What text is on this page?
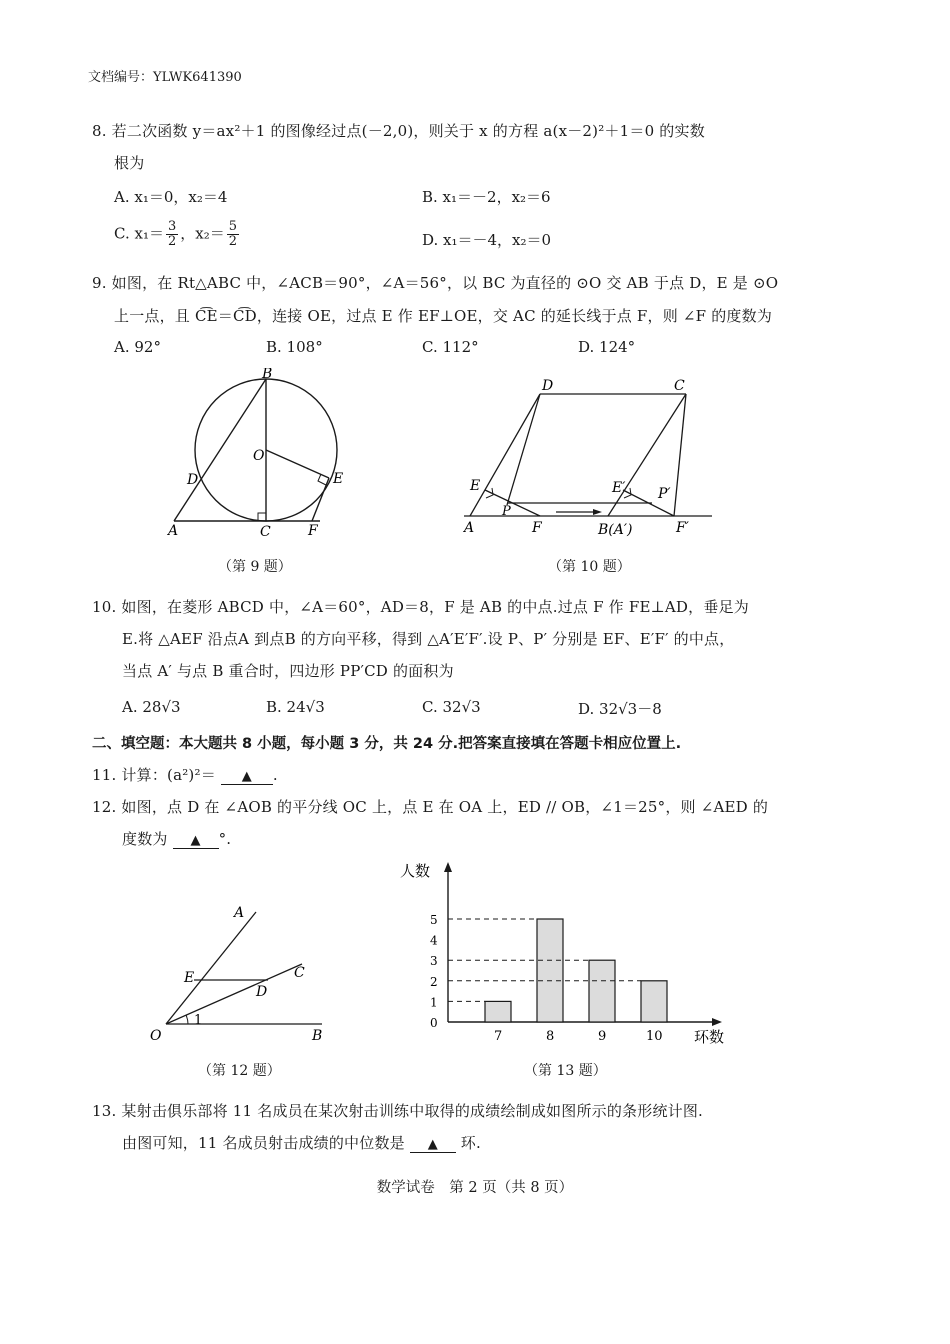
文档编号：YLWK641390
8. 若二次函数 y＝ax²＋1 的图像经过点(－2,0)，则关于 x 的方程 a(x－2)²＋1＝0 的实数
根为
A. x₁＝0，x₂＝4	B. x₁＝－2，x₂＝6
C. $x_1= \frac{3}{2}$ ，$x_2= \frac{5}{2}$	D. x₁＝－4，x₂＝0
9. 如图，在 Rt△ABC 中，∠ACB＝90°，∠A＝56°，以 BC 为直径的 ⊙O 交 AB 于点 D，E 是 ⊙O
上一点，且 C͡E＝C͡D，连接 OE，过点 E 作 EF⊥OE，交 AC 的延长线于点 F，则 ∠F 的度数为
A. 92°	B. 108°	C. 112°	D. 124°
B
O
D	E
A	C	F
（第 9 题）
D	C
E
P
A	F
E′ P′
B(A′)	F′
（第 10 题）
10. 如图，在菱形 ABCD 中，∠A＝60°，AD＝8，F 是 AB 的中点.过点 F 作 FE⊥AD，垂足为
E.将 △AEF 沿点A 到点B 的方向平移，得到 △A′E′F′.设 P、P′ 分别是 EF、E′F′ 的中点，
当点 A′ 与点 B 重合时，四边形 PP′CD 的面积为
A. 28√3	B. 24√3	C. 32√3	D. 32√3－8
二、填空题：本大题共 8 小题，每小题 3 分，共 24 分.把答案直接填在答题卡相应位置上.
11. 计算：(a²)²＝ ▲ .
12. 如图，点 D 在 ∠AOB 的平分线 OC 上，点 E 在 OA 上，ED // OB，∠1＝25°，则 ∠AED 的
度数为 ▲ °.
A
E
D
C
O
1
B
（第 12 题）
人数
环数
0
1
2
3
4
5
7	8	9	10
（第 13 题）
13. 某射击俱乐部将 11 名成员在某次射击训练中取得的成绩绘制成如图所示的条形统计图.
由图可知，11 名成员射击成绩的中位数是 ▲ 环.
数学试卷　第 2 页（共 8 页）
